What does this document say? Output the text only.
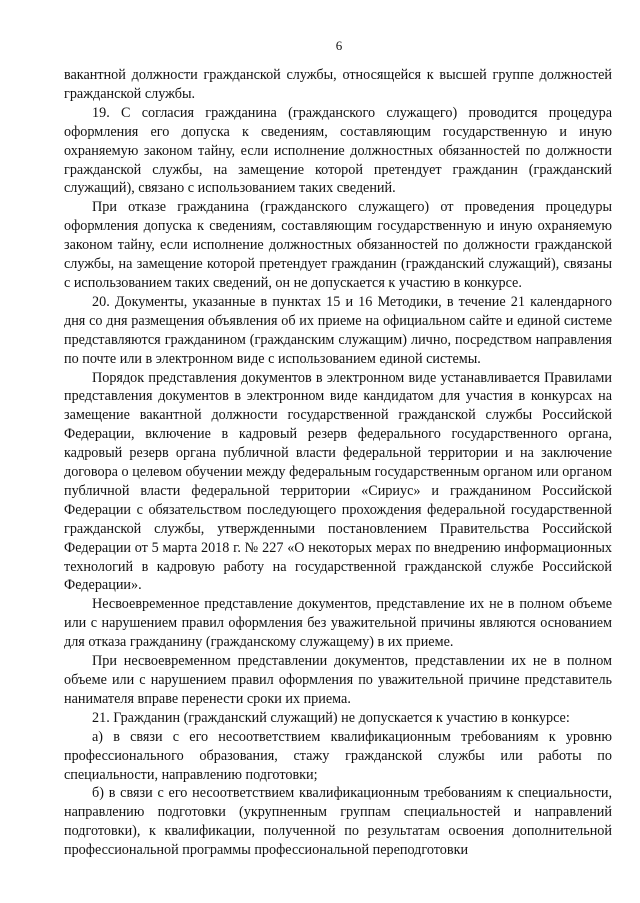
6

вакантной должности гражданской службы, относящейся к высшей группе должностей гражданской службы.

19. С согласия гражданина (гражданского служащего) проводится процедура оформления его допуска к сведениям, составляющим государственную и иную охраняемую законом тайну, если исполнение должностных обязанностей по должности гражданской службы, на замещение которой претендует гражданин (гражданский служащий), связано с использованием таких сведений.

При отказе гражданина (гражданского служащего) от проведения процедуры оформления допуска к сведениям, составляющим государственную и иную охраняемую законом тайну, если исполнение должностных обязанностей по должности гражданской службы, на замещение которой претендует гражданин (гражданский служащий), связаны с использованием таких сведений, он не допускается к участию в конкурсе.

20. Документы, указанные в пунктах 15 и 16 Методики, в течение 21 календарного дня со дня размещения объявления об их приеме на официальном сайте и единой системе представляются гражданином (гражданским служащим) лично, посредством направления по почте или в электронном виде с использованием единой системы.

Порядок представления документов в электронном виде устанавливается Правилами представления документов в электронном виде кандидатом для участия в конкурсах на замещение вакантной должности государственной гражданской службы Российской Федерации, включение в кадровый резерв федерального государственного органа, кадровый резерв органа публичной власти федеральной территории и на заключение договора о целевом обучении между федеральным государственным органом или органом публичной власти федеральной территории «Сириус» и гражданином Российской Федерации с обязательством последующего прохождения федеральной государственной гражданской службы, утвержденными постановлением Правительства Российской Федерации от 5 марта 2018 г. № 227 «О некоторых мерах по внедрению информационных технологий в кадровую работу на государственной гражданской службе Российской Федерации».

Несвоевременное представление документов, представление их не в полном объеме или с нарушением правил оформления без уважительной причины являются основанием для отказа гражданину (гражданскому служащему) в их приеме.

При несвоевременном представлении документов, представлении их не в полном объеме или с нарушением правил оформления по уважительной причине представитель нанимателя вправе перенести сроки их приема.

21. Гражданин (гражданский служащий) не допускается к участию в конкурсе:

а) в связи с его несоответствием квалификационным требованиям к уровню профессионального образования, стажу гражданской службы или работы по специальности, направлению подготовки;

б) в связи с его несоответствием квалификационным требованиям к специальности, направлению подготовки (укрупненным группам специальностей и направлений подготовки), к квалификации, полученной по результатам освоения дополнительной профессиональной программы профессиональной переподготовки
